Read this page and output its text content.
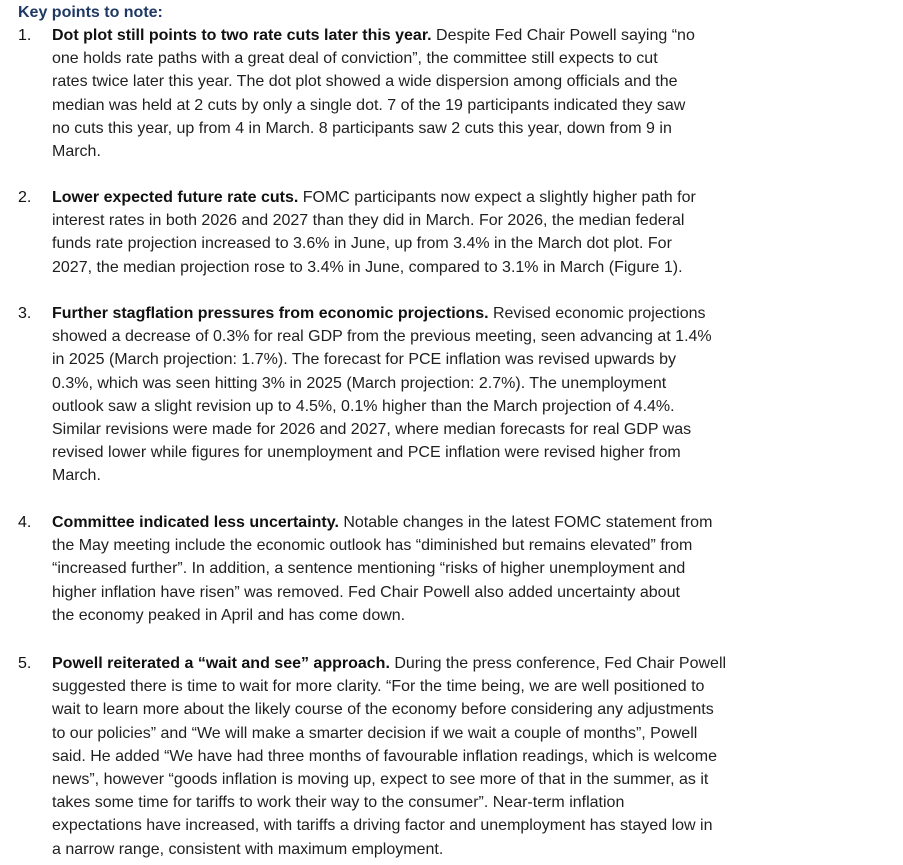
Key points to note:
1. Dot plot still points to two rate cuts later this year. Despite Fed Chair Powell saying “no
one holds rate paths with a great deal of conviction”, the committee still expects to cut
rates twice later this year. The dot plot showed a wide dispersion among officials and the
median was held at 2 cuts by only a single dot. 7 of the 19 participants indicated they saw
no cuts this year, up from 4 in March. 8 participants saw 2 cuts this year, down from 9 in
March.
2. Lower expected future rate cuts. FOMC participants now expect a slightly higher path for
interest rates in both 2026 and 2027 than they did in March. For 2026, the median federal
funds rate projection increased to 3.6% in June, up from 3.4% in the March dot plot. For
2027, the median projection rose to 3.4% in June, compared to 3.1% in March (Figure 1).
3. Further stagflation pressures from economic projections. Revised economic projections
showed a decrease of 0.3% for real GDP from the previous meeting, seen advancing at 1.4%
in 2025 (March projection: 1.7%). The forecast for PCE inflation was revised upwards by
0.3%, which was seen hitting 3% in 2025 (March projection: 2.7%). The unemployment
outlook saw a slight revision up to 4.5%, 0.1% higher than the March projection of 4.4%.
Similar revisions were made for 2026 and 2027, where median forecasts for real GDP was
revised lower while figures for unemployment and PCE inflation were revised higher from
March.
4. Committee indicated less uncertainty. Notable changes in the latest FOMC statement from
the May meeting include the economic outlook has “diminished but remains elevated” from
“increased further”. In addition, a sentence mentioning “risks of higher unemployment and
higher inflation have risen” was removed. Fed Chair Powell also added uncertainty about
the economy peaked in April and has come down.
5. Powell reiterated a “wait and see” approach. During the press conference, Fed Chair Powell
suggested there is time to wait for more clarity. “For the time being, we are well positioned to
wait to learn more about the likely course of the economy before considering any adjustments
to our policies” and “We will make a smarter decision if we wait a couple of months”, Powell
said. He added “We have had three months of favourable inflation readings, which is welcome
news”, however “goods inflation is moving up, expect to see more of that in the summer, as it
takes some time for tariffs to work their way to the consumer”. Near-term inflation
expectations have increased, with tariffs a driving factor and unemployment has stayed low in
a narrow range, consistent with maximum employment.
